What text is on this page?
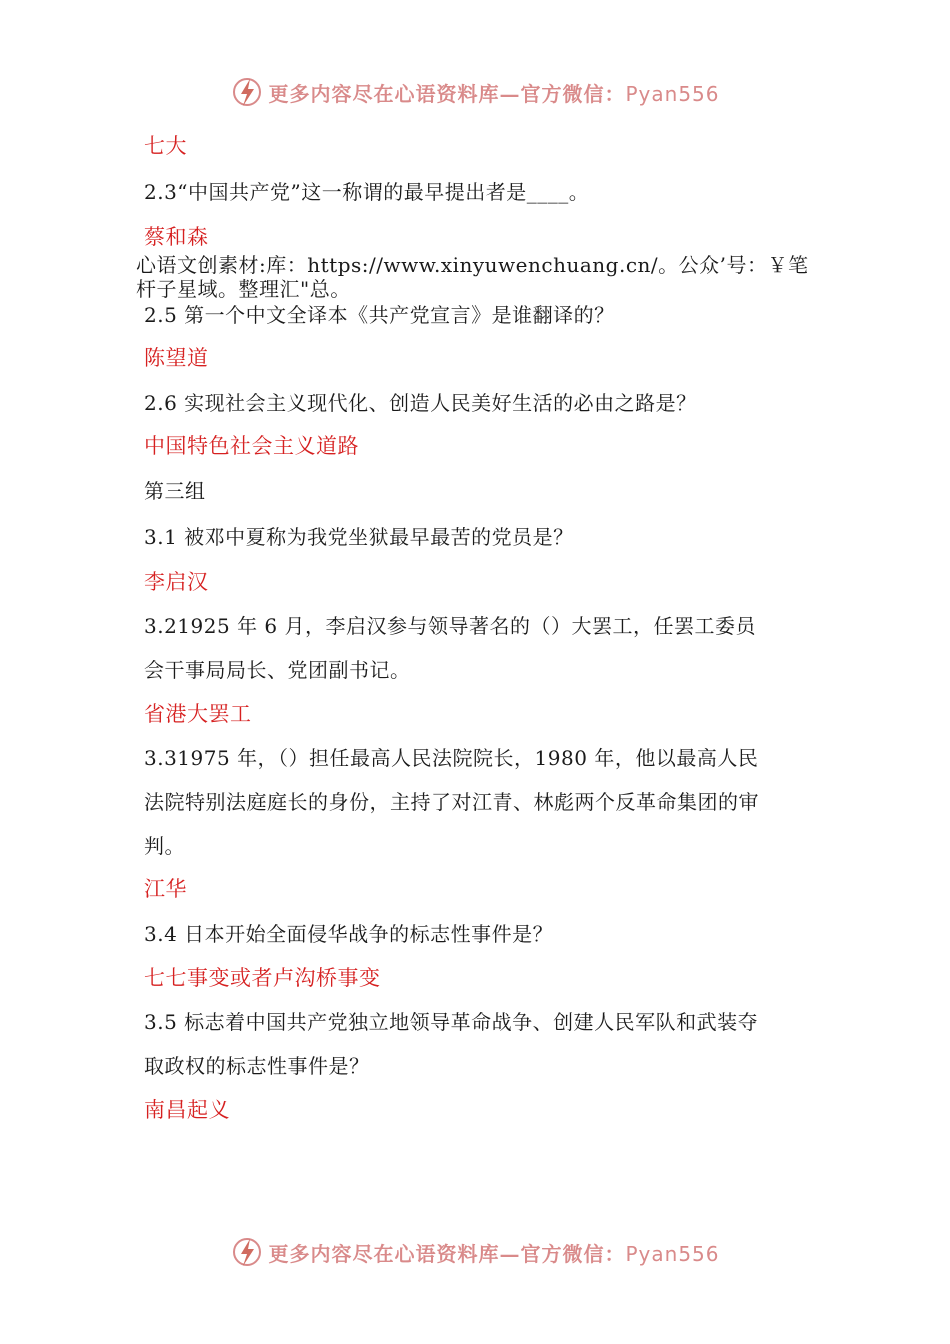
更多内容尽在心语资料库—官方微信：Pyan556
七大
2.3“中国共产党”这一称谓的最早提出者是____。
蔡和森
心语文创素材:库：https://www.xinyuwenchuang.cn/。公众’号：￥笔
杆子星域。整理汇"总。
2.5 第一个中文全译本《共产党宣言》是谁翻译的？
陈望道
2.6 实现社会主义现代化、创造人民美好生活的必由之路是？
中国特色社会主义道路
第三组
3.1 被邓中夏称为我党坐狱最早最苦的党员是？
李启汉
3.21925 年 6 月，李启汉参与领导著名的（）大罢工，任罢工委员
会干事局局长、党团副书记。
省港大罢工
3.31975 年，（）担任最高人民法院院长，1980 年，他以最高人民
法院特别法庭庭长的身份，主持了对江青、林彪两个反革命集团的审
判。
江华
3.4 日本开始全面侵华战争的标志性事件是？
七七事变或者卢沟桥事变
3.5 标志着中国共产党独立地领导革命战争、创建人民军队和武装夺
取政权的标志性事件是？
南昌起义
更多内容尽在心语资料库—官方微信：Pyan556
